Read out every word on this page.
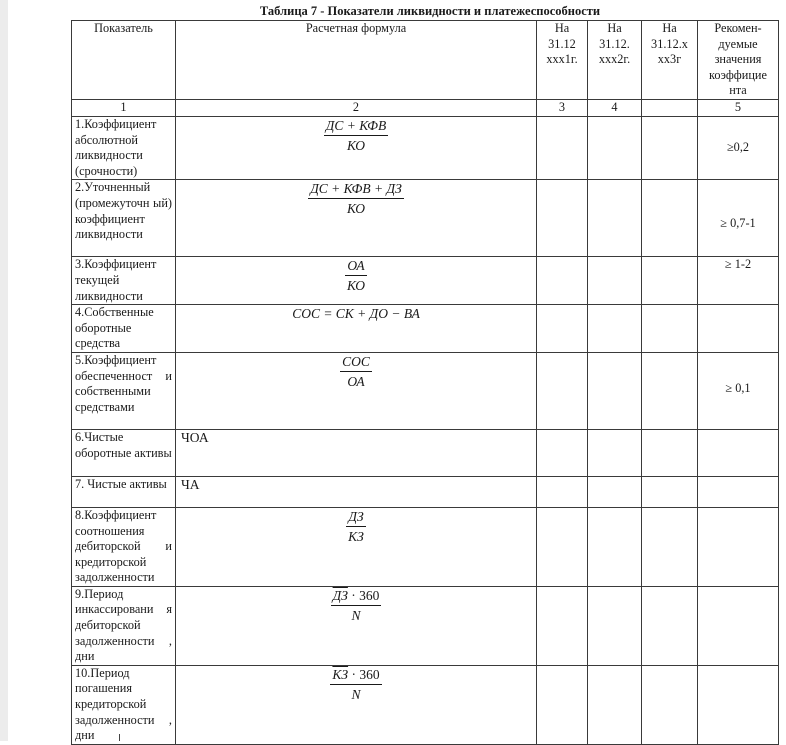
Таблица 7 - Показатели ликвидности и платежеспособности
Показатель	Расчетная формула	На 31.12 ххх1г.	На 31.12. ххх2г.	На 31.12.х хх3г	Рекомен-дуемые значения коэффицие нта
1	2	3	4		5
1.Коэффициент абсолютной ликвидности (срочности)	$\frac{\text{ДС + КФВ}}{КО}$				≥0,2
2.Уточненный (промежуточн ый) коэффициент ликвидности	$\frac{\text{ДС + КФВ + ДЗ}}{КО}$				≥ 0,7-1
3.Коэффициент текущей ликвидности	$\frac{ОА}{КО}$				≥ 1-2
4.Собственные оборотные средства	СОС = СК + ДО − ВА				
5.Коэффициент обеспеченност и собственными средствами	$\frac{\text{СОС}}{ОА}$				≥ 0,1
6.Чистые оборотные активы	ЧОА				
7. Чистые активы	ЧА				
8.Коэффициент соотношения дебиторской и кредиторской задолженности	$\frac{ДЗ}{КЗ}$

9.Период инкассировани я дебиторской задолженности , дни	$\frac{ДЗ \cdot 360}{N}$

10.Период погашения кредиторской задолженности , дни	$\frac{КЗ \cdot 360}{N}$
